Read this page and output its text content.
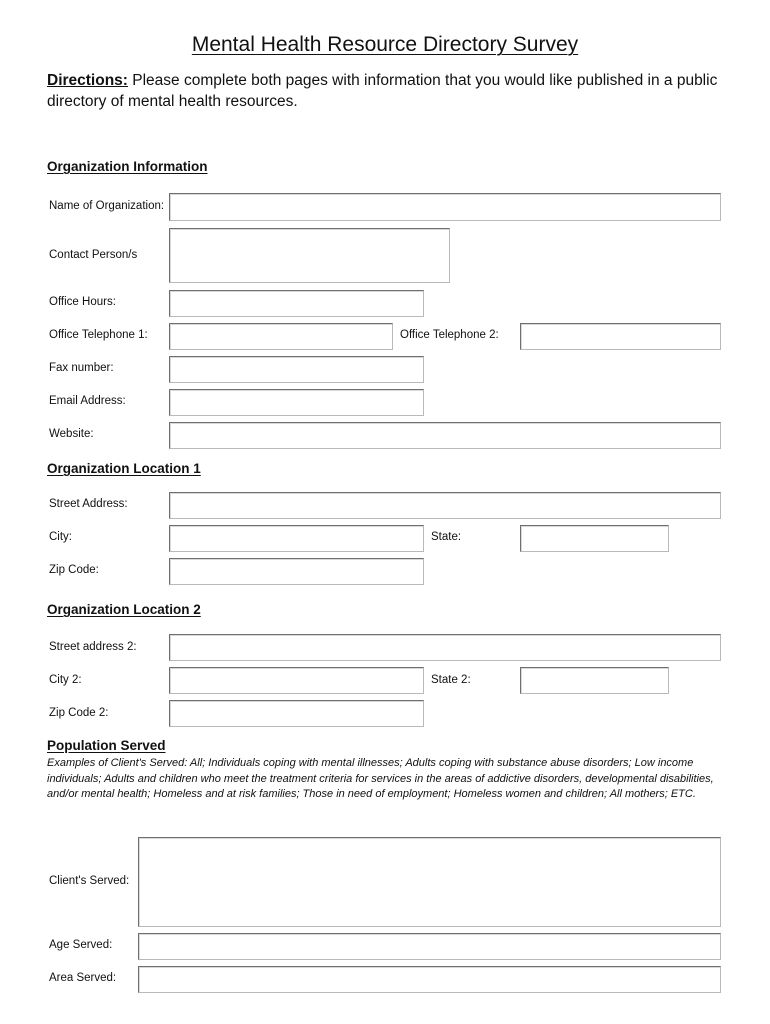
Mental Health Resource Directory Survey
Directions: Please complete both pages with information that you would like published in a public directory of mental health resources.
Organization Information
Name of Organization:
Contact Person/s
Office Hours:
Office Telephone 1:	Office Telephone 2:
Fax number:
Email Address:
Website:
Organization Location 1
Street Address:
City:	State:
Zip Code:
Organization Location 2
Street address 2:
City 2:	State 2:
Zip Code 2:
Population Served
Examples of Client's Served: All; Individuals coping with mental illnesses; Adults coping with substance abuse disorders; Low income individuals; Adults and children who meet the treatment criteria for services in the areas of addictive disorders, developmental disabilities, and/or mental health; Homeless and at risk families; Those in need of employment; Homeless women and children; All mothers; ETC.
Client's Served:
Age Served:
Area Served:
